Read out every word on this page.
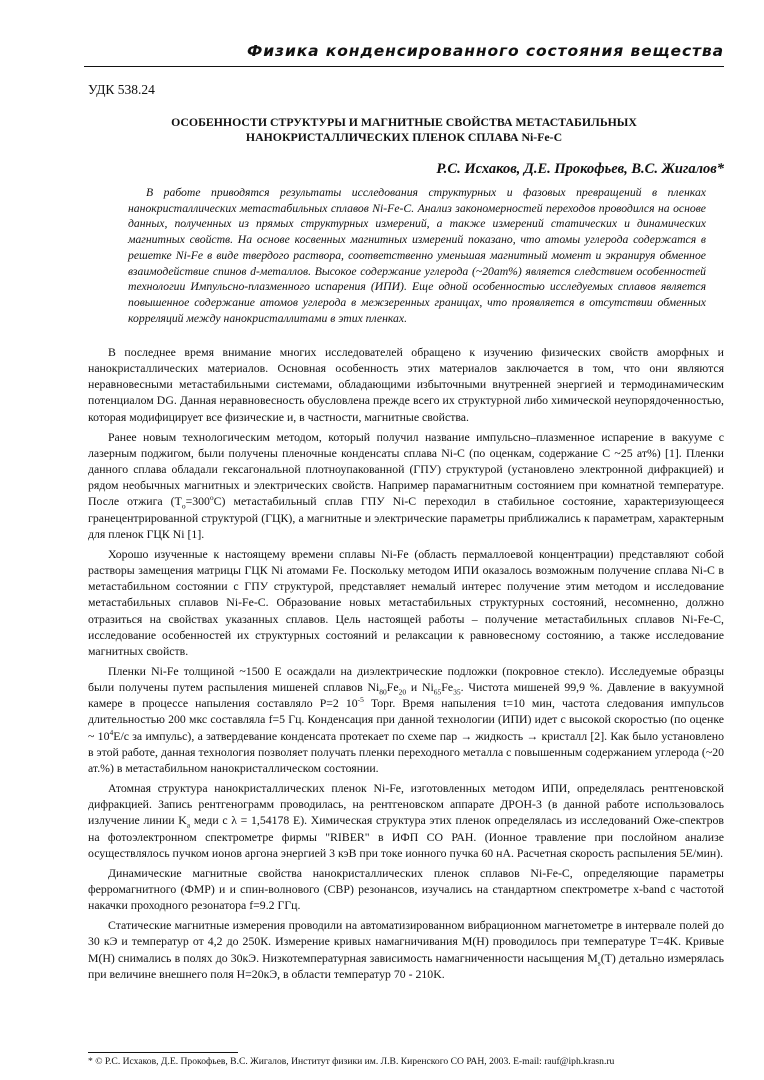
Физика конденсированного состояния вещества
УДК 538.24
ОСОБЕННОСТИ СТРУКТУРЫ И МАГНИТНЫЕ СВОЙСТВА МЕТАСТАБИЛЬНЫХ
НАНОКРИСТАЛЛИЧЕСКИХ ПЛЕНОК СПЛАВА Ni-Fe-C
Р.С. Исхаков, Д.Е. Прокофьев, В.С. Жигалов*

В работе приводятся результаты исследования структурных и фазовых превращений в пленках нанокристаллических метастабильных сплавов Ni-Fe-C. Анализ закономерностей переходов проводился на основе данных, полученных из прямых структурных измерений, а также измерений статических и динамических магнитных свойств. На основе косвенных магнитных измерений показано, что атомы углерода содержатся в решетке Ni-Fe в виде твердого раствора, соответственно уменьшая магнитный момент и экранируя обменное взаимодействие спинов d-металлов. Высокое содержание углерода (~20ат%) является следствием особенностей технологии Импульсно-плазменного испарения (ИПИ). Еще одной особенностью исследуемых сплавов является повышенное содержание атомов углерода в межзеренных границах, что проявляется в отсутствии обменных корреляций между нанокристаллитами в этих пленках.

В последнее время внимание многих исследователей обращено к изучению физических свойств аморфных и нанокристаллических материалов. Основная особенность этих материалов заключается в том, что они являются неравновесными метастабильными системами, обладающими избыточными внутренней энергией и термодинамическим потенциалом DG. Данная неравновесность обусловлена прежде всего их структурной либо химической неупорядоченностью, которая модифицирует все физические и, в частности, магнитные свойства.

Ранее новым технологическим методом, который получил название импульсно–плазменное испарение в вакууме с лазерным поджигом, были получены пленочные конденсаты сплава Ni-C (по оценкам, содержание С ~25 ат%) [1]. Пленки данного сплава обладали гексагональной плотноупакованной (ГПУ) структурой (установлено электронной дифракцией) и рядом необычных магнитных и электрических свойств. Например парамагнитным состоянием при комнатной температуре. После отжига $(T_о=300^оС)$ метастабильный сплав ГПУ Ni-C переходил в стабильное состояние, характеризующееся гранецентрированной структурой (ГЦК), а магнитные и электрические параметры приближались к параметрам, характерным для пленок ГЦК Ni [1].

Хорошо изученные к настоящему времени сплавы Ni-Fe (область пермаллоевой концентрации) представляют собой растворы замещения матрицы ГЦК Ni атомами Fe. Поскольку методом ИПИ оказалось возможным получение сплава Ni-C в метастабильном состоянии с ГПУ структурой, представляет немалый интерес получение этим методом и исследование метастабильных сплавов Ni-Fe-C. Образование новых метастабильных структурных состояний, несомненно, должно отразиться на свойствах указанных сплавов. Цель настоящей работы – получение метастабильных сплавов Ni-Fe-C, исследование особенностей их структурных состояний и релаксации к равновесному состоянию, а также исследование магнитных свойств.

Пленки Ni-Fe толщиной ~1500 Е осаждали на диэлектрические подложки (покровное стекло). Исследуемые образцы были получены путем распыления мишеней сплавов $Ni_{80}Fe_{20}$ и $Ni_{65}Fe_{35}$. Чистота мишеней 99,9 %. Давление в вакуумной камере в процессе напыления составляло P=2 $10^{-5}$ Торr. Время напыления t=10 мин, частота следования импульсов длительностью 200 мкс составляла f=5 Гц. Конденсация при данной технологии (ИПИ) идет с высокой скоростью (по оценке ~ $10^4Е/с$ за импульс), а затвердевание конденсата протекает по схеме пар → жидкость → кристалл [2]. Как было установлено в этой работе, данная технология позволяет получать пленки переходного металла с повышенным содержанием углерода (~20 ат.%) в метастабильном нанокристаллическом состоянии.

Атомная структура нанокристаллических пленок Ni-Fe, изготовленных методом ИПИ, определялась рентгеновской дифракцией. Запись рентгенограмм проводилась, на рентгеновском аппарате ДРОН-3 (в данной работе использовалось излучение линии $K_a$ меди с λ = 1,54178 Е). Химическая структура этих пленок определялась из исследований Оже-спектров на фотоэлектронном спектрометре фирмы "RIBER" в ИФП СО РАН. (Ионное травление при послойном анализе осуществлялось пучком ионов аргона энергией 3 кэВ при токе ионного пучка 60 нА. Расчетная скорость распыления 5Е/мин).

Динамические магнитные свойства нанокристаллических пленок сплавов Ni-Fe-C, определяющие параметры ферромагнитного (ФМР) и и спин-волнового (СВР) резонансов, изучались на стандартном спектрометре x-band с частотой накачки проходного резонатора f=9.2 ГГц.

Статические магнитные измерения проводили на автоматизированном вибрационном магнетометре в интервале полей до 30 кЭ и температур от 4,2 до 250К. Измерение кривых намагничивания M(H) проводилось при температуре T=4K. Кривые M(H) снимались в полях до 30кЭ. Низкотемпературная зависимость намагниченности насыщения $M_s(T)$ детально измерялась при величине внешнего поля H=20кЭ, в области температур 70 - 210K.

* © Р.С. Исхаков, Д.Е. Прокофьев, В.С. Жигалов, Институт физики им. Л.В. Киренского СО РАН, 2003. E-mail: rauf@iph.krasn.ru
